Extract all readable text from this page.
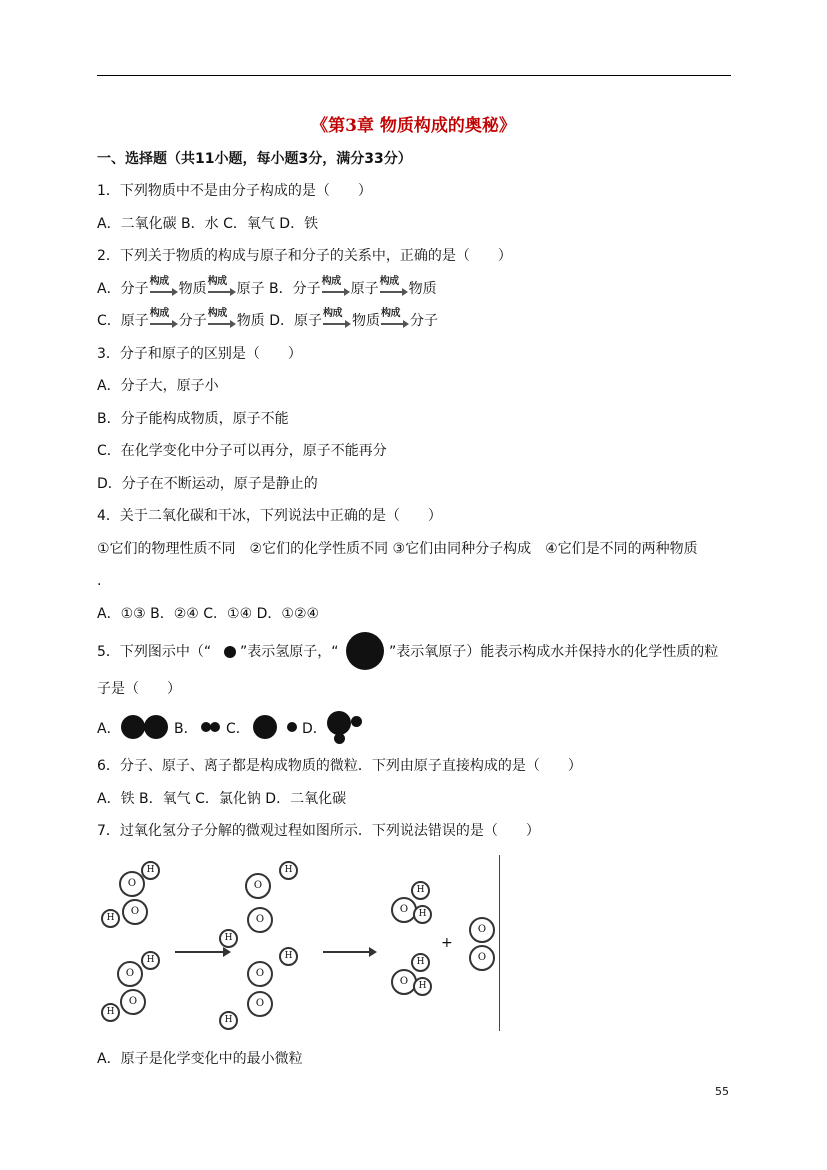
《第3章 物质构成的奥秘》
一、选择题（共11小题，每小题3分，满分33分）
1．下列物质中不是由分子构成的是（　　）
A．二氧化碳 B．水 C．氧气 D．铁
2．下列关于物质的构成与原子和分子的关系中，正确的是（　　）
A．分子 构成 物质 构成 原子 B．分子 构成 原子 构成 物质
C．原子 构成 分子 构成 物质 D．原子 构成 物质 构成 分子
3．分子和原子的区别是（　　）
A．分子大，原子小
B．分子能构成物质，原子不能
C．在化学变化中分子可以再分，原子不能再分
D．分子在不断运动，原子是静止的
4．关于二氧化碳和干冰，下列说法中正确的是（　　）
①它们的物理性质不同　②它们的化学性质不同 ③它们由同种分子构成　④它们是不同的两种物质
.
A．①③ B．②④ C．①④ D．①②④
5．下列图示中（“ ”表示氢原子，“	”表示氧原子）能表示构成水并保持水的化学性质的粒
子是（　　）
A．	B． C．	D．
6．分子、原子、离子都是构成物质的微粒．下列由原子直接构成的是（　　）
A．铁 B．氧气 C．氯化钠 D．二氧化碳
7．过氧化氢分子分解的微观过程如图所示．下列说法错误的是（　　）
O
H
O
H
O
H
O
H
O
H
O
H
O
H
O
H
H
O	H
H
O	H
+
O
O
A．原子是化学变化中的最小微粒
55
